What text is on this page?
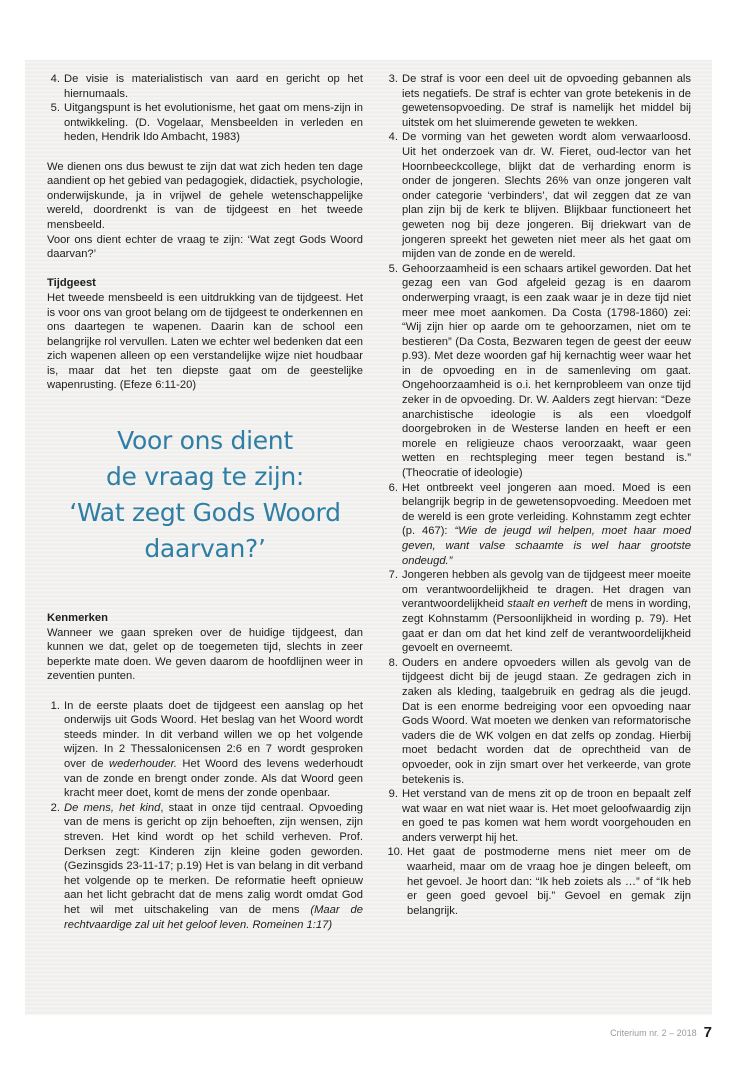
4. De visie is materialistisch van aard en gericht op het hiernumaals.
5. Uitgangspunt is het evolutionisme, het gaat om mens-zijn in ontwikkeling. (D. Vogelaar, Mensbeelden in verleden en heden, Hendrik Ido Ambacht, 1983)

We dienen ons dus bewust te zijn dat wat zich heden ten dage aandient op het gebied van pedagogiek, didactiek, psychologie, onderwijskunde, ja in vrijwel de gehele wetenschappelijke wereld, doordrenkt is van de tijdgeest en het tweede mensbeeld.

Voor ons dient echter de vraag te zijn: ‘Wat zegt Gods Woord daarvan?’

Tijdgeest

Het tweede mensbeeld is een uitdrukking van de tijdgeest. Het is voor ons van groot belang om de tijdgeest te onderkennen en ons daartegen te wapenen. Daarin kan de school een belangrijke rol vervullen. Laten we echter wel bedenken dat een zich wapenen alleen op een verstandelijke wijze niet houdbaar is, maar dat het ten diepste gaat om de geestelijke wapenrusting. (Efeze 6:11-20)

Voor ons dient
de vraag te zijn:
‘Wat zegt Gods Woord
daarvan?’

Kenmerken

Wanneer we gaan spreken over de huidige tijdgeest, dan kunnen we dat, gelet op de toegemeten tijd, slechts in zeer beperkte mate doen. We geven daarom de hoofdlijnen weer in zeventien punten.

1. In de eerste plaats doet de tijdgeest een aanslag op het onderwijs uit Gods Woord. Het beslag van het Woord wordt steeds minder. In dit verband willen we op het volgende wijzen. In 2 Thessalonicensen 2:6 en 7 wordt gesproken over de wederhouder. Het Woord des levens wederhoudt van de zonde en brengt onder zonde. Als dat Woord geen kracht meer doet, komt de mens der zonde openbaar.
2. De mens, het kind, staat in onze tijd centraal. Opvoeding van de mens is gericht op zijn behoeften, zijn wensen, zijn streven. Het kind wordt op het schild verheven. Prof. Derksen zegt: Kinderen zijn kleine goden geworden. (Gezinsgids 23-11-17; p.19) Het is van belang in dit verband het volgende op te merken. De reformatie heeft opnieuw aan het licht gebracht dat de mens zalig wordt omdat God het wil met uitschakeling van de mens (Maar de rechtvaardige zal uit het geloof leven. Romeinen 1:17)
3. De straf is voor een deel uit de opvoeding gebannen als iets negatiefs. De straf is echter van grote betekenis in de gewetensopvoeding. De straf is namelijk het middel bij uitstek om het sluimerende geweten te wekken.
4. De vorming van het geweten wordt alom verwaarloosd. Uit het onderzoek van dr. W. Fieret, oud-lector van het Hoornbeeckcollege, blijkt dat de verharding enorm is onder de jongeren. Slechts 26% van onze jongeren valt onder categorie ‘verbinders’, dat wil zeggen dat ze van plan zijn bij de kerk te blijven. Blijkbaar functioneert het geweten nog bij deze jongeren. Bij driekwart van de jongeren spreekt het geweten niet meer als het gaat om mijden van de zonde en de wereld.
5. Gehoorzaamheid is een schaars artikel geworden. Dat het gezag een van God afgeleid gezag is en daarom onderwerping vraagt, is een zaak waar je in deze tijd niet meer mee moet aankomen. Da Costa (1798-1860) zei: “Wij zijn hier op aarde om te gehoorzamen, niet om te bestieren” (Da Costa, Bezwaren tegen de geest der eeuw p.93). Met deze woorden gaf hij kernachtig weer waar het in de opvoeding en in de samenleving om gaat. Ongehoorzaamheid is o.i. het kernprobleem van onze tijd zeker in de opvoeding. Dr. W. Aalders zegt hiervan: “Deze anarchistische ideologie is als een vloedgolf doorgebroken in de Westerse landen en heeft er een morele en religieuze chaos veroorzaakt, waar geen wetten en rechtspleging meer tegen bestand is.” (Theocratie of ideologie)
6. Het ontbreekt veel jongeren aan moed. Moed is een belangrijk begrip in de gewetensopvoeding. Meedoen met de wereld is een grote verleiding. Kohnstamm zegt echter (p. 467): “Wie de jeugd wil helpen, moet haar moed geven, want valse schaamte is wel haar grootste ondeugd.”
7. Jongeren hebben als gevolg van de tijdgeest meer moeite om verantwoordelijkheid te dragen. Het dragen van verantwoordelijkheid staalt en verheft de mens in wording, zegt Kohnstamm (Persoonlijkheid in wording p. 79). Het gaat er dan om dat het kind zelf de verantwoordelijkheid gevoelt en overneemt.
8. Ouders en andere opvoeders willen als gevolg van de tijdgeest dicht bij de jeugd staan. Ze gedragen zich in zaken als kleding, taalgebruik en gedrag als die jeugd. Dat is een enorme bedreiging voor een opvoeding naar Gods Woord. Wat moeten we denken van reformatorische vaders die de WK volgen en dat zelfs op zondag. Hierbij moet bedacht worden dat de oprechtheid van de opvoeder, ook in zijn smart over het verkeerde, van grote betekenis is.
9. Het verstand van de mens zit op de troon en bepaalt zelf wat waar en wat niet waar is. Het moet geloofwaardig zijn en goed te pas komen wat hem wordt voorgehouden en anders verwerpt hij het.
10. Het gaat de postmoderne mens niet meer om de waarheid, maar om de vraag hoe je dingen beleeft, om het gevoel. Je hoort dan: “Ik heb zoiets als …” of “Ik heb er geen goed gevoel bij.” Gevoel en gemak zijn belangrijk.
Criterium nr. 2 – 2018 7
